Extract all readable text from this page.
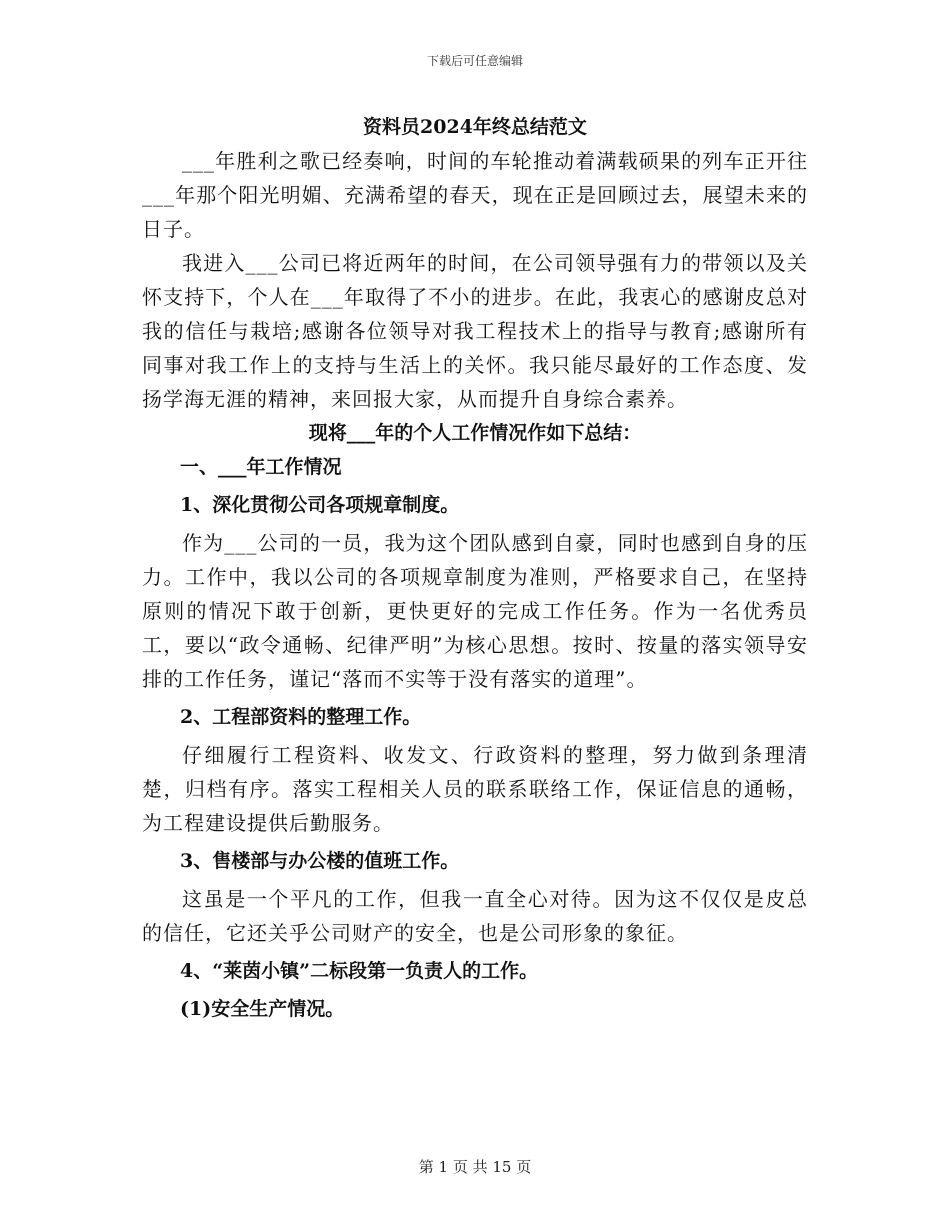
下载后可任意编辑
资料员2024年终总结范文

___年胜利之歌已经奏响，时间的车轮推动着满载硕果的列车正开往___年那个阳光明媚、充满希望的春天，现在正是回顾过去，展望未来的日子。

我进入___公司已将近两年的时间，在公司领导强有力的带领以及关怀支持下，个人在___年取得了不小的进步。在此，我衷心的感谢皮总对我的信任与栽培;感谢各位领导对我工程技术上的指导与教育;感谢所有同事对我工作上的支持与生活上的关怀。我只能尽最好的工作态度、发扬学海无涯的精神，来回报大家，从而提升自身综合素养。

现将___年的个人工作情况作如下总结：

一、___年工作情况

1、深化贯彻公司各项规章制度。

作为___公司的一员，我为这个团队感到自豪，同时也感到自身的压力。工作中，我以公司的各项规章制度为准则，严格要求自己，在坚持原则的情况下敢于创新，更快更好的完成工作任务。作为一名优秀员工，要以“政令通畅、纪律严明”为核心思想。按时、按量的落实领导安排的工作任务，谨记“落而不实等于没有落实的道理”。

2、工程部资料的整理工作。

仔细履行工程资料、收发文、行政资料的整理，努力做到条理清楚，归档有序。落实工程相关人员的联系联络工作，保证信息的通畅，为工程建设提供后勤服务。

3、售楼部与办公楼的值班工作。

这虽是一个平凡的工作，但我一直全心对待。因为这不仅仅是皮总的信任，它还关乎公司财产的安全，也是公司形象的象征。

4、“莱茵小镇”二标段第一负责人的工作。

(1)安全生产情况。

第 1 页 共 15 页
